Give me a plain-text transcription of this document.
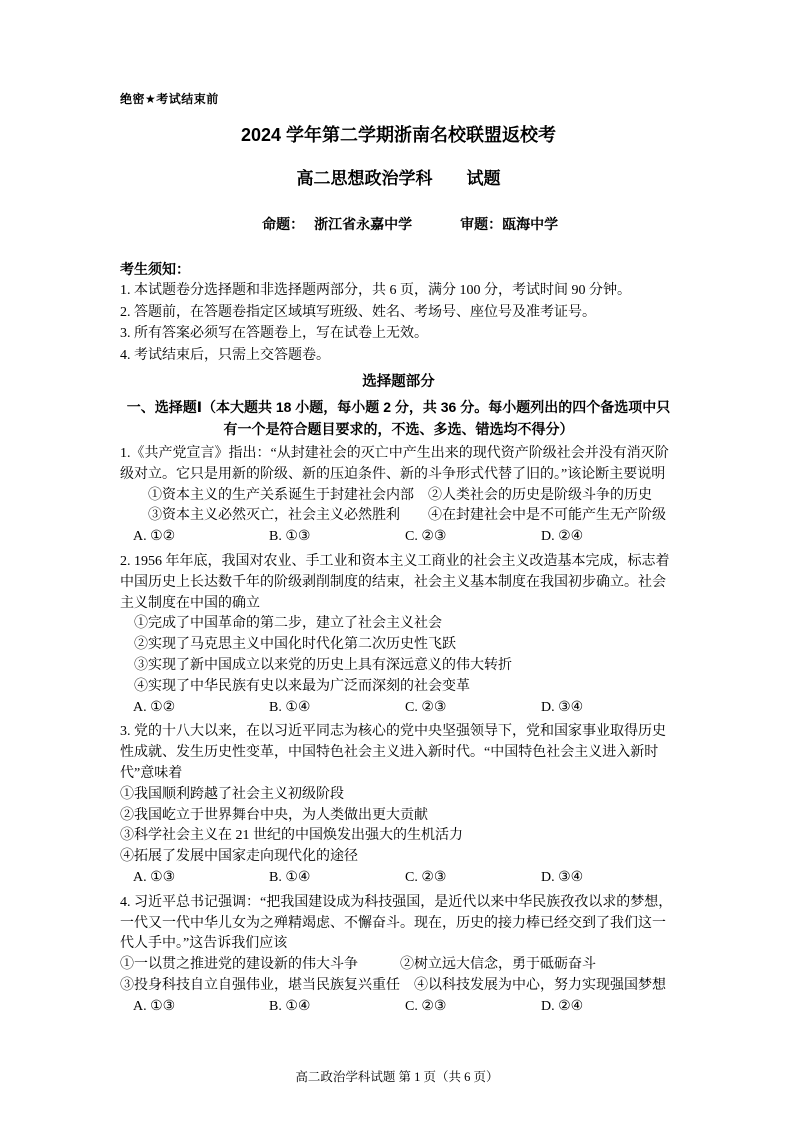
绝密★考试结束前
2024 学年第二学期浙南名校联盟返校考
高二思想政治学科　　试题

命题： 浙江省永嘉中学	审题：瓯海中学

考生须知：
1. 本试题卷分选择题和非选择题两部分，共 6 页，满分 100 分，考试时间 90 分钟。
2. 答题前，在答题卷指定区域填写班级、姓名、考场号、座位号及准考证号。
3. 所有答案必须写在答题卷上，写在试卷上无效。
4. 考试结束后，只需上交答题卷。
选择题部分
一、选择题Ⅰ（本大题共 18 小题，每小题 2 分，共 36 分。每小题列出的四个备选项中只有一个是符合题目要求的，不选、多选、错选均不得分）
1.《共产党宣言》指出：“从封建社会的灭亡中产生出来的现代资产阶级社会并没有消灭阶级对立。它只是用新的阶级、新的压迫条件、新的斗争形式代替了旧的。”该论断主要说明
①资本主义的生产关系诞生于封建社会内部　②人类社会的历史是阶级斗争的历史
③资本主义必然灭亡，社会主义必然胜利　　④在封建社会中是不可能产生无产阶级
A. ①②	B. ①③	C. ②③	D. ②④
2. 1956 年年底，我国对农业、手工业和资本主义工商业的社会主义改造基本完成，标志着中国历史上长达数千年的阶级剥削制度的结束，社会主义基本制度在我国初步确立。社会主义制度在中国的确立
①完成了中国革命的第二步，建立了社会主义社会
②实现了马克思主义中国化时代化第二次历史性飞跃
③实现了新中国成立以来党的历史上具有深远意义的伟大转折
④实现了中华民族有史以来最为广泛而深刻的社会变革
A. ①②	B. ①④	C. ②③	D. ③④
3. 党的十八大以来，在以习近平同志为核心的党中央坚强领导下，党和国家事业取得历史性成就、发生历史性变革，中国特色社会主义进入新时代。“中国特色社会主义进入新时代”意味着
①我国顺利跨越了社会主义初级阶段
②我国屹立于世界舞台中央，为人类做出更大贡献
③科学社会主义在 21 世纪的中国焕发出强大的生机活力
④拓展了发展中国家走向现代化的途径
A. ①③	B. ①④	C. ②③	D. ③④
4. 习近平总书记强调：“把我国建设成为科技强国，是近代以来中华民族孜孜以求的梦想，一代又一代中华儿女为之殚精竭虑、不懈奋斗。现在，历史的接力棒已经交到了我们这一代人手中。”这告诉我们应该
①一以贯之推进党的建设新的伟大斗争　　　②树立远大信念，勇于砥砺奋斗
③投身科技自立自强伟业，堪当民族复兴重任　④以科技发展为中心，努力实现强国梦想
A. ①③	B. ①④	C. ②③	D. ②④
高二政治学科试题 第 1 页（共 6 页）
